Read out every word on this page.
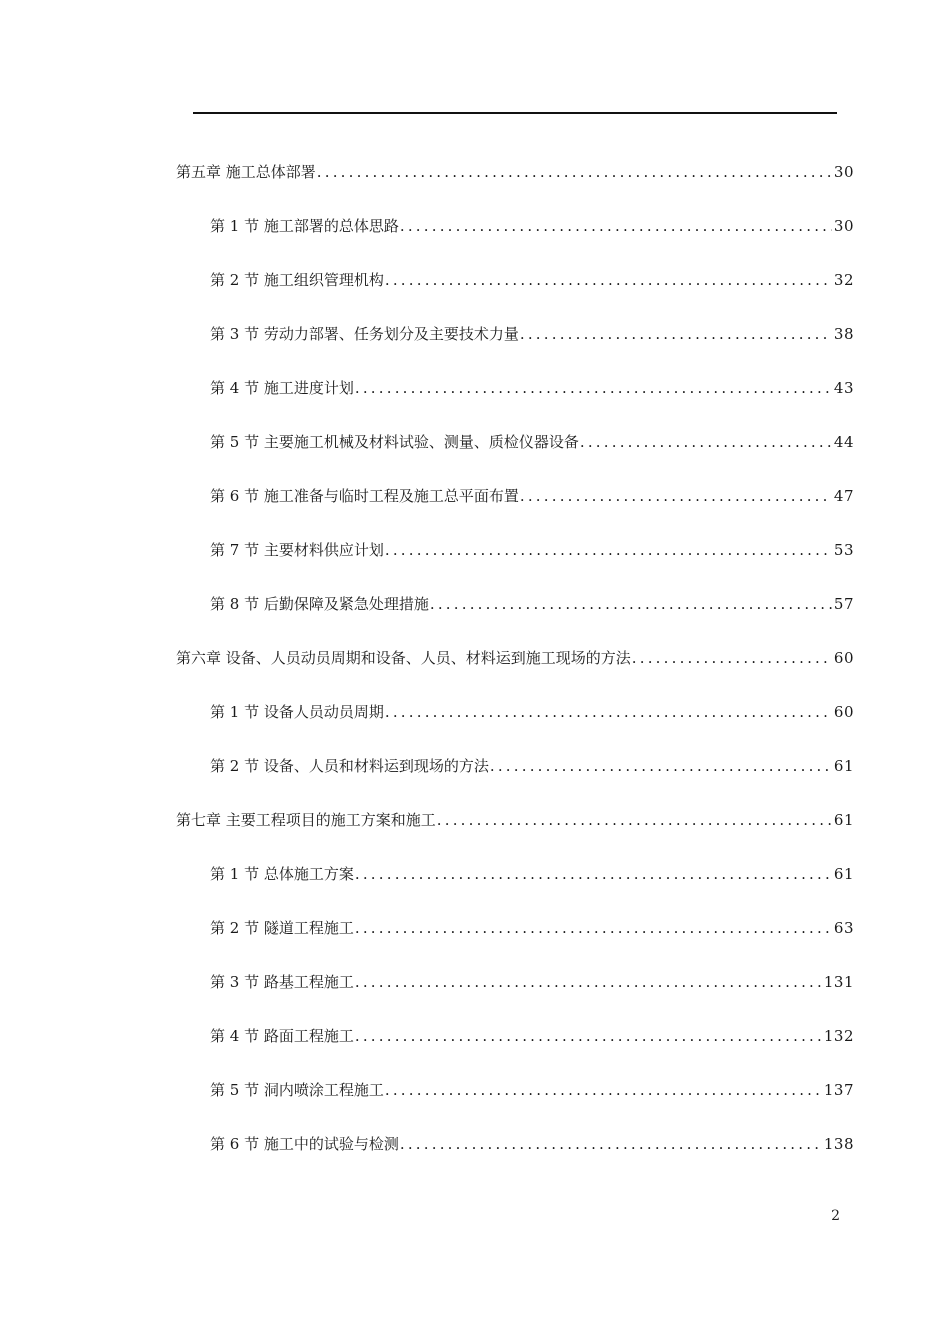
第五章 施工总体部署 .....	30
第 1 节 施工部署的总体思路 .....	30
第 2 节 施工组织管理机构 .....	32
第 3 节 劳动力部署、任务划分及主要技术力量 .....	38
第 4 节 施工进度计划 .....	43
第 5 节 主要施工机械及材料试验、测量、质检仪器设备 .....	44
第 6 节 施工准备与临时工程及施工总平面布置 .....	47
第 7 节 主要材料供应计划 .....	53
第 8 节 后勤保障及紧急处理措施 .....	57
第六章 设备、人员动员周期和设备、人员、材料运到施工现场的方法 .....	60
第 1 节 设备人员动员周期 .....	60
第 2 节 设备、人员和材料运到现场的方法 .....	61
第七章 主要工程项目的施工方案和施工 .....	61
第 1 节 总体施工方案 .....	61
第 2 节 隧道工程施工 .....	63
第 3 节 路基工程施工 .....	131
第 4 节 路面工程施工 .....	132
第 5 节 洞内喷涂工程施工 .....	137
第 6 节 施工中的试验与检测 .....	138
2
